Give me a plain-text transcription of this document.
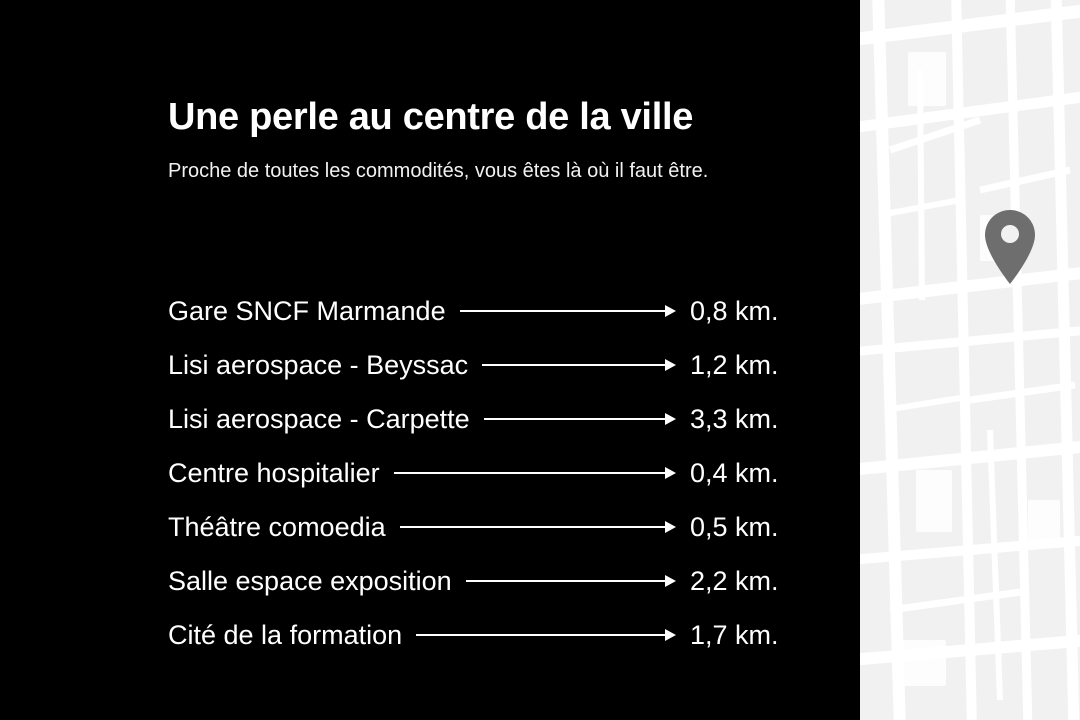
Une perle au centre de la ville

Proche de toutes les commodités, vous êtes là où il faut être.

Gare SNCF Marmande	0,8 km.
Lisi aerospace - Beyssac	1,2 km.
Lisi aerospace - Carpette	3,3 km.
Centre hospitalier	0,4 km.
Théâtre comoedia	0,5 km.
Salle espace exposition	2,2 km.
Cité de la formation	1,7 km.
